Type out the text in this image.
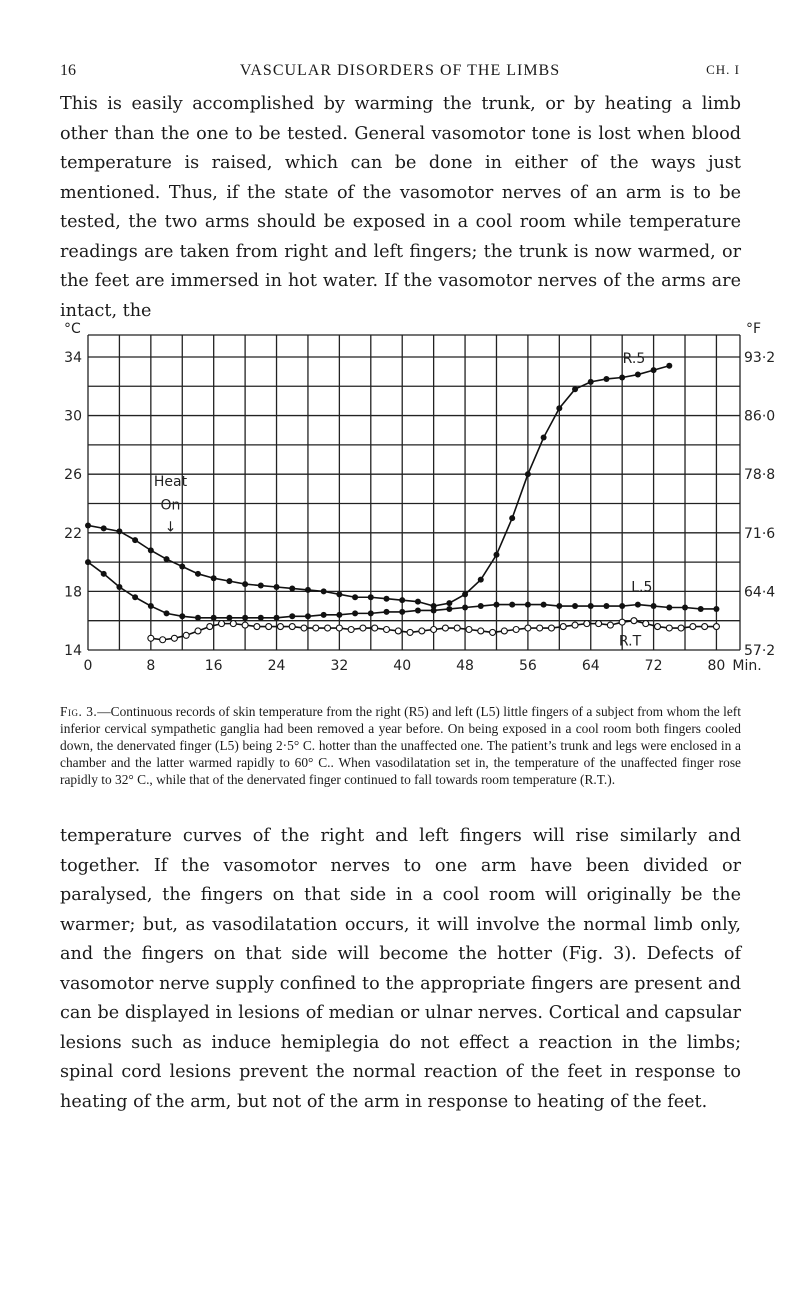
16	VASCULAR DISORDERS OF THE LIMBS	CH. I

This is easily accomplished by warming the trunk, or by heating a limb other than the one to be tested. General vasomotor tone is lost when blood temperature is raised, which can be done in either of the ways just mentioned. Thus, if the state of the vasomotor nerves of an arm is to be tested, the two arms should be exposed in a cool room while temperature readings are taken from right and left fingers; the trunk is now warmed, or the feet are immersed in hot water. If the vasomotor nerves of the arms are intact, the

0	8	16	24	32	40	48	56	64	72	80 Min.
14
18
22
26
30
34
57·2
64·4
71·6
78·8
86·0
93·2
°C	°F
Heat
On
↓
R.5
L.5
R.T

Fig. 3.—Continuous records of skin temperature from the right (R5) and left (L5) little fingers of a subject from whom the left inferior cervical sympathetic ganglia had been removed a year before. On being exposed in a cool room both fingers cooled down, the denervated finger (L5) being 2·5° C. hotter than the unaffected one. The patient’s trunk and legs were enclosed in a chamber and the latter warmed rapidly to 60° C.. When vasodilatation set in, the temperature of the unaffected finger rose rapidly to 32° C., while that of the denervated finger continued to fall towards room temperature (R.T.).

temperature curves of the right and left fingers will rise similarly and together. If the vasomotor nerves to one arm have been divided or paralysed, the fingers on that side in a cool room will originally be the warmer; but, as vasodilatation occurs, it will involve the normal limb only, and the fingers on that side will become the hotter (Fig. 3). Defects of vasomotor nerve supply confined to the appropriate fingers are present and can be displayed in lesions of median or ulnar nerves. Cortical and capsular lesions such as induce hemiplegia do not effect a reaction in the limbs; spinal cord lesions prevent the normal reaction of the feet in response to heating of the arm, but not of the arm in response to heating of the feet.
